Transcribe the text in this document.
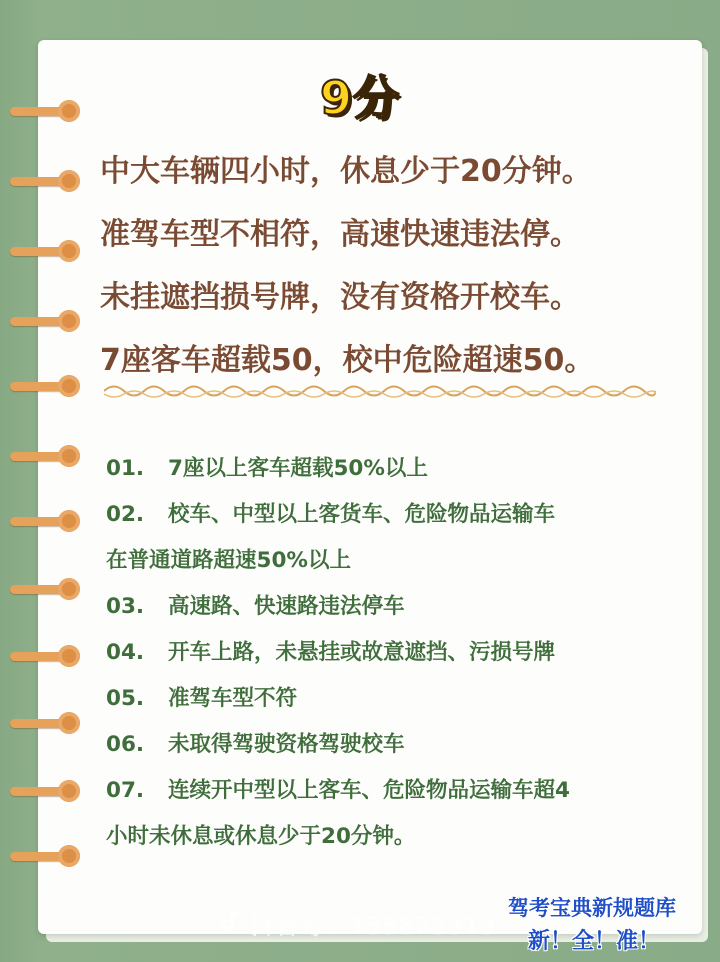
9分
中大车辆四小时，休息少于20分钟。
准驾车型不相符，高速快速违法停。
未挂遮挡损号牌，没有资格开校车。
7座客车超载50，校中危险超速50。
01. 7座以上客车超载50%以上
02. 校车、中型以上客货车、危险物品运输车
在普通道路超速50%以上
03. 高速路、快速路违法停车
04. 开车上路，未悬挂或故意遮挡、污损号牌
05. 准驾车型不符
06. 未取得驾驶资格驾驶校车
07. 连续开中型以上客车、危险物品运输车超4
小时未休息或休息少于20分钟。
抖音号：135825313
驾考宝典新规题库
新！全！准！
